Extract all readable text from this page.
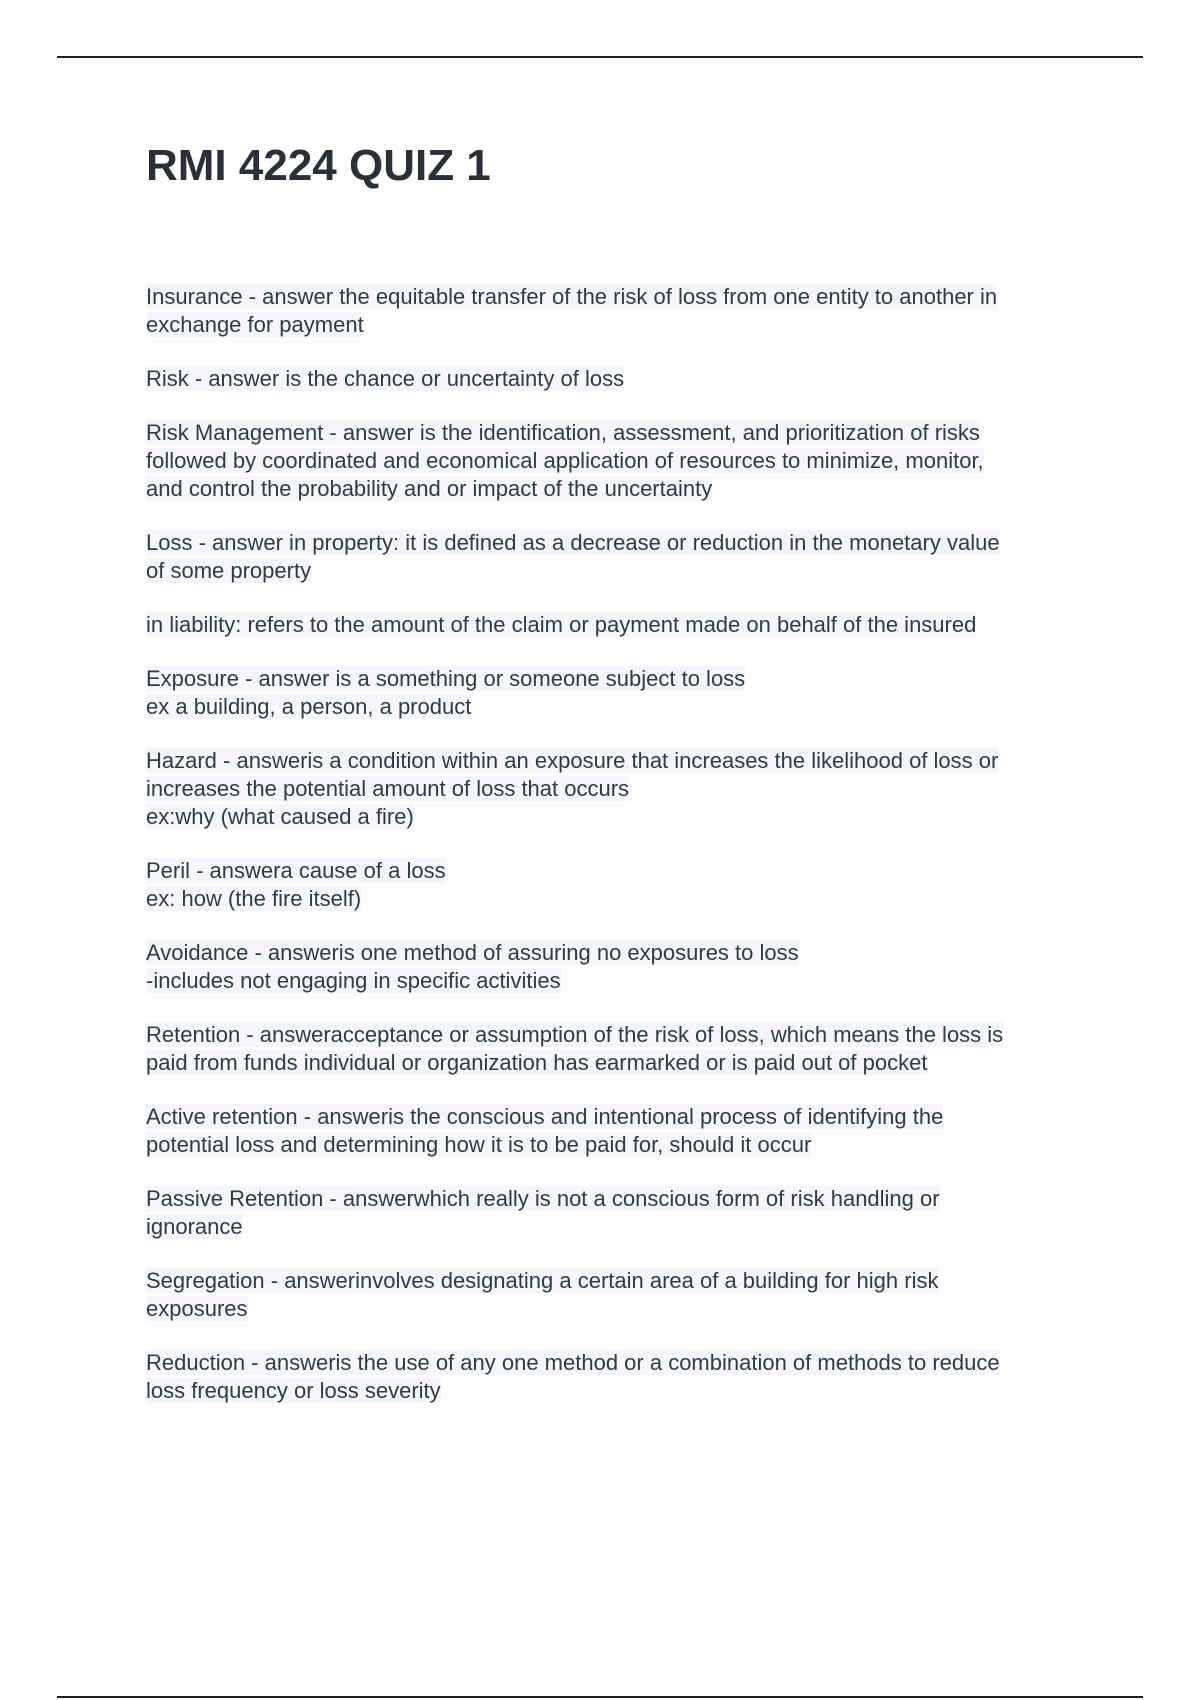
RMI 4224 QUIZ 1

Insurance - answer the equitable transfer of the risk of loss from one entity to another in
exchange for payment

Risk - answer is the chance or uncertainty of loss

Risk Management - answer is the identification, assessment, and prioritization of risks
followed by coordinated and economical application of resources to minimize, monitor,
and control the probability and or impact of the uncertainty

Loss - answer in property: it is defined as a decrease or reduction in the monetary value
of some property

in liability: refers to the amount of the claim or payment made on behalf of the insured

Exposure - answer is a something or someone subject to loss
ex a building, a person, a product

Hazard - answeris a condition within an exposure that increases the likelihood of loss or
increases the potential amount of loss that occurs
ex:why (what caused a fire)

Peril - answera cause of a loss
ex: how (the fire itself)

Avoidance - answeris one method of assuring no exposures to loss
-includes not engaging in specific activities

Retention - answeracceptance or assumption of the risk of loss, which means the loss is
paid from funds individual or organization has earmarked or is paid out of pocket

Active retention - answeris the conscious and intentional process of identifying the
potential loss and determining how it is to be paid for, should it occur

Passive Retention - answerwhich really is not a conscious form of risk handling or
ignorance

Segregation - answerinvolves designating a certain area of a building for high risk
exposures

Reduction - answeris the use of any one method or a combination of methods to reduce
loss frequency or loss severity
